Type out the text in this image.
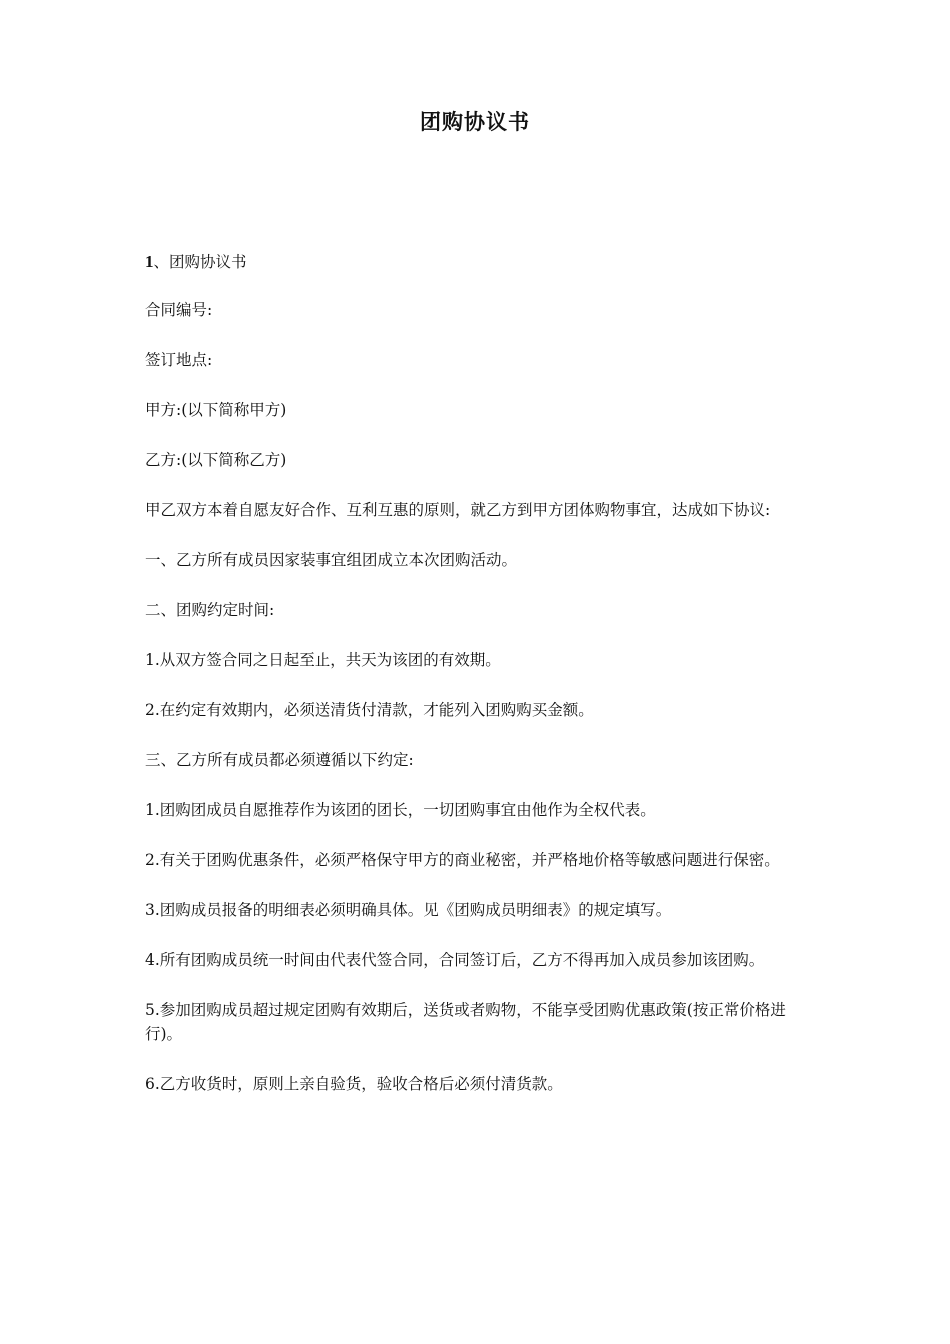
团购协议书
1、团购协议书
合同编号:
签订地点:
甲方:(以下简称甲方)
乙方:(以下简称乙方)
甲乙双方本着自愿友好合作、互利互惠的原则，就乙方到甲方团体购物事宜，达成如下协议:
一、乙方所有成员因家装事宜组团成立本次团购活动。
二、团购约定时间:
1.从双方签合同之日起至止，共天为该团的有效期。
2.在约定有效期内，必须送清货付清款，才能列入团购购买金额。
三、乙方所有成员都必须遵循以下约定:
1.团购团成员自愿推荐作为该团的团长，一切团购事宜由他作为全权代表。
2.有关于团购优惠条件，必须严格保守甲方的商业秘密，并严格地价格等敏感问题进行保密。
3.团购成员报备的明细表必须明确具体。见《团购成员明细表》的规定填写。
4.所有团购成员统一时间由代表代签合同，合同签订后，乙方不得再加入成员参加该团购。
5.参加团购成员超过规定团购有效期后，送货或者购物，不能享受团购优惠政策(按正常价格进行)。
6.乙方收货时，原则上亲自验货，验收合格后必须付清货款。
